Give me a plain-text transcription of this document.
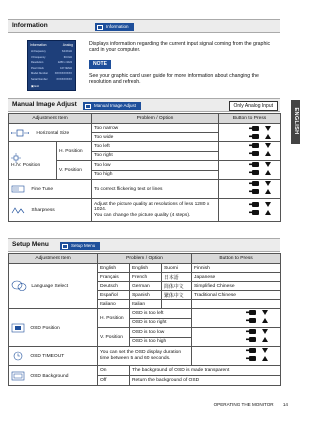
Information	Information
Information	Analog
H.Frequency	64.0KHz
V.Frequency	60.0Hz
Resolution	1280 x 1024
Pixel Clock	107.9MHz
Model Number	XXXXXXXXXX
Serial Number	XXXXXXXXX
▣ Exit
Displays information regarding the current input signal coming from the graphic card in your computer.
NOTE
See your graphic card user guide for more information about changing the resolution and refresh.
Manual Image Adjust	Manual Image Adjust	Only Analog Input
Adjustment Item		Problem / Option	Button to Press
Horizontal Size		Too narrow	

		Too wide	

H./V. Position	H. Position	Too left	
		Too right	
	V. Position	Too low	
		Too high	
Fine Tune		To correct flickering text or lines	
Sharpness		Adjust the picture quality at resolutions of less 1280 x 1024.
You can change the picture quality (4 steps).	
Setup Menu	Setup Menu
Adjustment Item	Problem / Option			Button to Press
Language Select	English	English	Suomi	Finnish
	Français	French	日本語	Japanese
	Deutsch	German	简体中文	Simplified Chinese
	Español	Spanish	繁体中文	Traditional Chinese
	Italiano	Italian		
OSD Position	H. Position	OSD is too left	
		OSD is too right		
	V. Position	OSD is too low	
		OSD is too high		
OSD TIMEOUT	You can set the OSD display duration time between 5 and 60 seconds.	
OSD Background	On	The background of OSD is made transparent		
	Off	Return the background of OSD		
ENGLISH
OPERATING THE MONITOR 14
